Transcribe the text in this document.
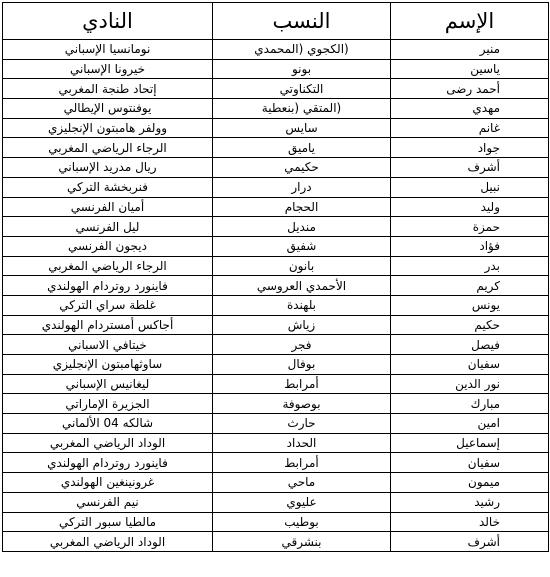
الإسم	النسب	النادي
منير	(الكجوي (المحمدي	نومانسيا الإسباني
ياسين	بونو	خيرونا الإسباني
أحمد رضى	التكناوتي	إتحاد طنجة المغربي
مهدي	(المتقي (بنعطية	يوفنتوس الإيطالي
غانم	سايس	وولفر هامبتون الإنجليزي
جواد	ياميق	الرجاء الرياضي المغربي
أشرف	حكيمي	ريال مدريد الإسباني
نبيل	درار	فنربخشة التركي
وليد	الحجام	أميان الفرنسي
حمزة	منديل	ليل الفرنسي
فؤاد	شفيق	ديجون الفرنسي
بدر	بانون	الرجاء الرياضي المغربي
كريم	الأحمدي العروسي	فاينورد روتردام الهولندي
يونس	بلهندة	غلطة سراي التركي
حكيم	زياش	أجاكس أمستردام الهولندي
فيصل	فجر	خيتافي الاسباني
سفيان	بوفال	ساوثهامبتون الإنجليزي
نور الدين	أمرابط	ليغانيس الإسباني
مبارك	بوصوفة	الجزيرة الإماراتي
امين	حارث	شالكه 04 الألماني
إسماعيل	الحداد	الوداد الرياضي المغربي
سفيان	أمرابط	فاينورد روتردام الهولندي
ميمون	ماحي	غرونينغين الهولندي
رشيد	عليوي	نيم الفرنسي
خالد	بوطيب	مالطيا سبور التركي
أشرف	بنشرقي	الوداد الرياضي المغربي
